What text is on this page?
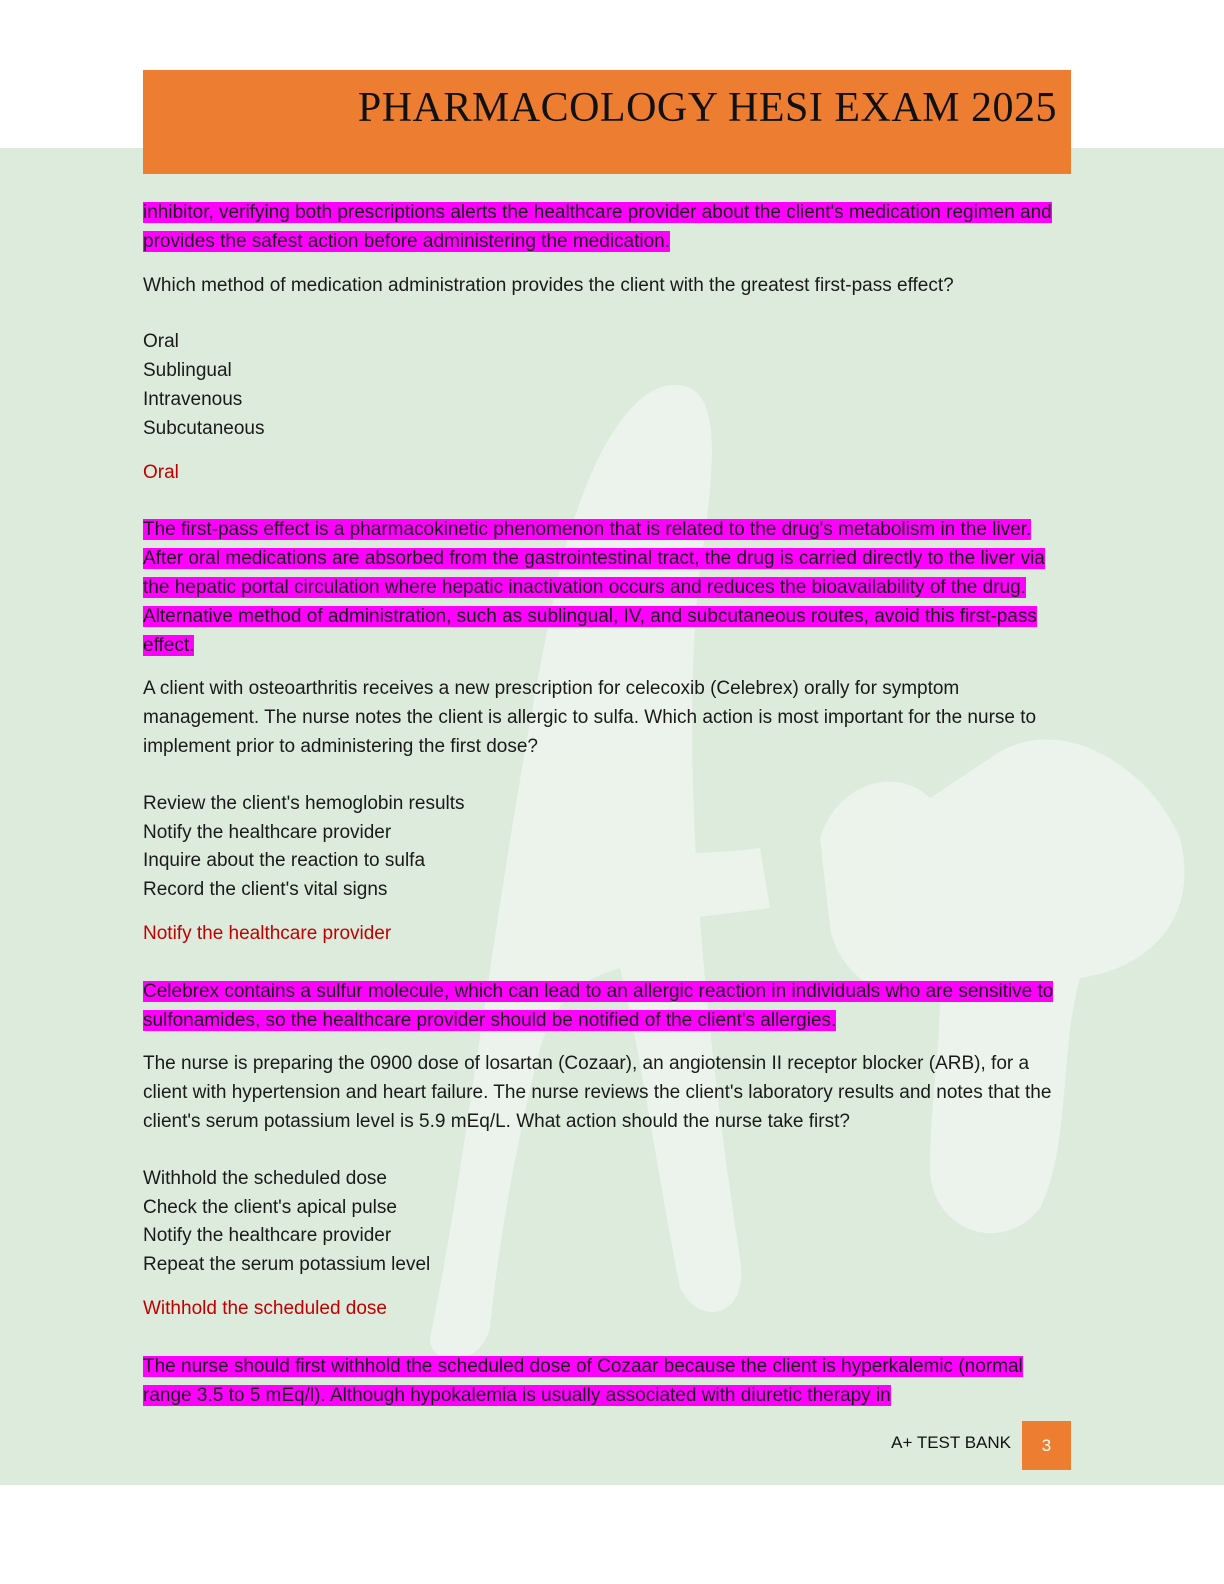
PHARMACOLOGY HESI EXAM 2025

inhibitor, verifying both prescriptions alerts the healthcare provider about the client's medication regimen and provides the safest action before administering the medication.

Which method of medication administration provides the client with the greatest first-pass effect?

Oral
Sublingual
Intravenous
Subcutaneous

Oral

The first-pass effect is a pharmacokinetic phenomenon that is related to the drug's metabolism in the liver. After oral medications are absorbed from the gastrointestinal tract, the drug is carried directly to the liver via the hepatic portal circulation where hepatic inactivation occurs and reduces the bioavailability of the drug. Alternative method of administration, such as sublingual, IV, and subcutaneous routes, avoid this first-pass effect.

A client with osteoarthritis receives a new prescription for celecoxib (Celebrex) orally for symptom management. The nurse notes the client is allergic to sulfa. Which action is most important for the nurse to implement prior to administering the first dose?

Review the client's hemoglobin results
Notify the healthcare provider
Inquire about the reaction to sulfa
Record the client's vital signs

Notify the healthcare provider

Celebrex contains a sulfur molecule, which can lead to an allergic reaction in individuals who are sensitive to sulfonamides, so the healthcare provider should be notified of the client's allergies.

The nurse is preparing the 0900 dose of losartan (Cozaar), an angiotensin II receptor blocker (ARB), for a client with hypertension and heart failure. The nurse reviews the client's laboratory results and notes that the client's serum potassium level is 5.9 mEq/L. What action should the nurse take first?

Withhold the scheduled dose
Check the client's apical pulse
Notify the healthcare provider
Repeat the serum potassium level

Withhold the scheduled dose

The nurse should first withhold the scheduled dose of Cozaar because the client is hyperkalemic (normal range 3.5 to 5 mEq/l). Although hypokalemia is usually associated with diuretic therapy in

A+ TEST BANK	3
